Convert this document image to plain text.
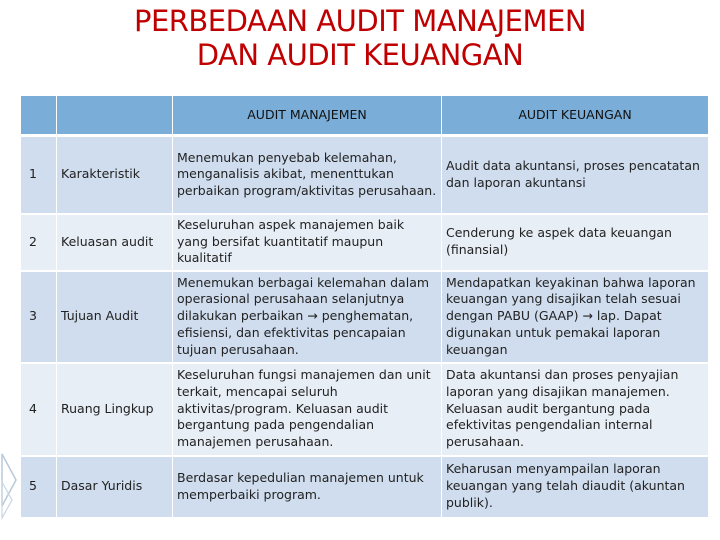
PERBEDAAN AUDIT MANAJEMEN
DAN AUDIT KEUANGAN
		AUDIT MANAJEMEN	AUDIT KEUANGAN
1	Karakteristik	Menemukan penyebab kelemahan, menganalisis akibat, menenttukan perbaikan program/aktivitas perusahaan.	Audit data akuntansi, proses pencatatan dan laporan akuntansi
2	Keluasan audit	Keseluruhan aspek manajemen baik yang bersifat kuantitatif maupun kualitatif	Cenderung ke aspek data keuangan (finansial)
3	Tujuan Audit	Menemukan berbagai kelemahan dalam operasional perusahaan selanjutnya dilakukan perbaikan → penghematan, efisiensi, dan efektivitas pencapaian tujuan perusahaan.	Mendapatkan keyakinan bahwa laporan keuangan yang disajikan telah sesuai dengan PABU (GAAP) → lap. Dapat digunakan untuk pemakai laporan keuangan
4	Ruang Lingkup	Keseluruhan fungsi manajemen dan unit terkait, mencapai seluruh aktivitas/program. Keluasan audit bergantung pada pengendalian manajemen perusahaan.	Data akuntansi dan proses penyajian laporan yang disajikan manajemen. Keluasan audit bergantung pada efektivitas pengendalian internal perusahaan.
5	Dasar Yuridis	Berdasar kepedulian manajemen untuk memperbaiki program.	Keharusan menyampailan laporan keuangan yang telah diaudit (akuntan publik).
